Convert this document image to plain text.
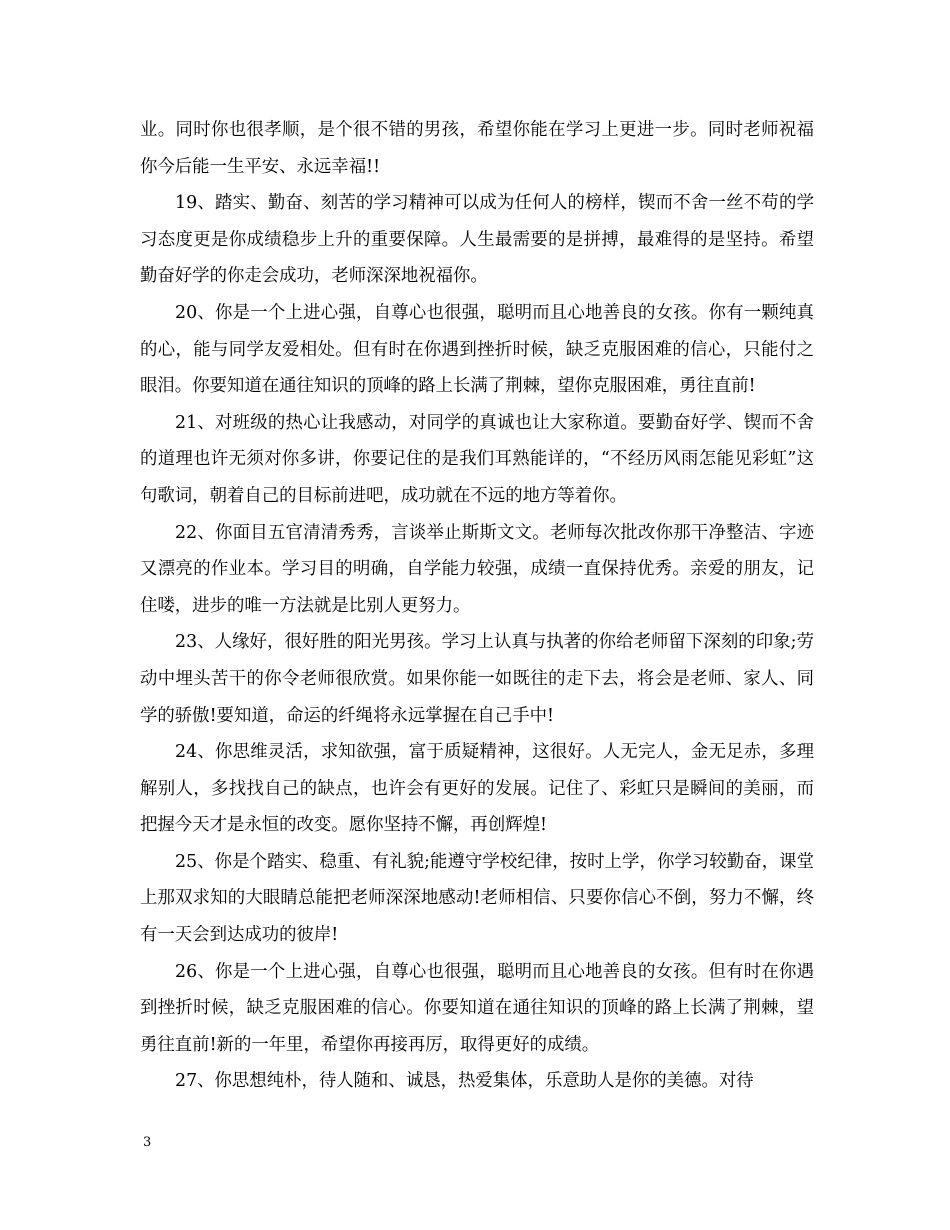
业。同时你也很孝顺，是个很不错的男孩，希望你能在学习上更进一步。同时老师祝福你今后能一生平安、永远幸福!!

19、踏实、勤奋、刻苦的学习精神可以成为任何人的榜样，锲而不舍一丝不苟的学习态度更是你成绩稳步上升的重要保障。人生最需要的是拼搏，最难得的是坚持。希望勤奋好学的你走会成功，老师深深地祝福你。

20、你是一个上进心强，自尊心也很强，聪明而且心地善良的女孩。你有一颗纯真的心，能与同学友爱相处。但有时在你遇到挫折时候，缺乏克服困难的信心，只能付之眼泪。你要知道在通往知识的顶峰的路上长满了荆棘，望你克服困难，勇往直前!

21、对班级的热心让我感动，对同学的真诚也让大家称道。要勤奋好学、锲而不舍的道理也许无须对你多讲，你要记住的是我们耳熟能详的，“不经历风雨怎能见彩虹”这句歌词，朝着自己的目标前进吧，成功就在不远的地方等着你。

22、你面目五官清清秀秀，言谈举止斯斯文文。老师每次批改你那干净整洁、字迹又漂亮的作业本。学习目的明确，自学能力较强，成绩一直保持优秀。亲爱的朋友，记住喽，进步的唯一方法就是比别人更努力。

23、人缘好，很好胜的阳光男孩。学习上认真与执著的你给老师留下深刻的印象;劳动中埋头苦干的你令老师很欣赏。如果你能一如既往的走下去，将会是老师、家人、同学的骄傲!要知道，命运的纤绳将永远掌握在自己手中!

24、你思维灵活，求知欲强，富于质疑精神，这很好。人无完人，金无足赤，多理解别人，多找找自己的缺点，也许会有更好的发展。记住了、彩虹只是瞬间的美丽，而把握今天才是永恒的改变。愿你坚持不懈，再创辉煌!

25、你是个踏实、稳重、有礼貌;能遵守学校纪律，按时上学，你学习较勤奋，课堂上那双求知的大眼睛总能把老师深深地感动!老师相信、只要你信心不倒，努力不懈，终有一天会到达成功的彼岸!

26、你是一个上进心强，自尊心也很强，聪明而且心地善良的女孩。但有时在你遇到挫折时候，缺乏克服困难的信心。你要知道在通往知识的顶峰的路上长满了荆棘，望勇往直前!新的一年里，希望你再接再厉，取得更好的成绩。

27、你思想纯朴，待人随和、诚恳，热爱集体，乐意助人是你的美德。对待

3
